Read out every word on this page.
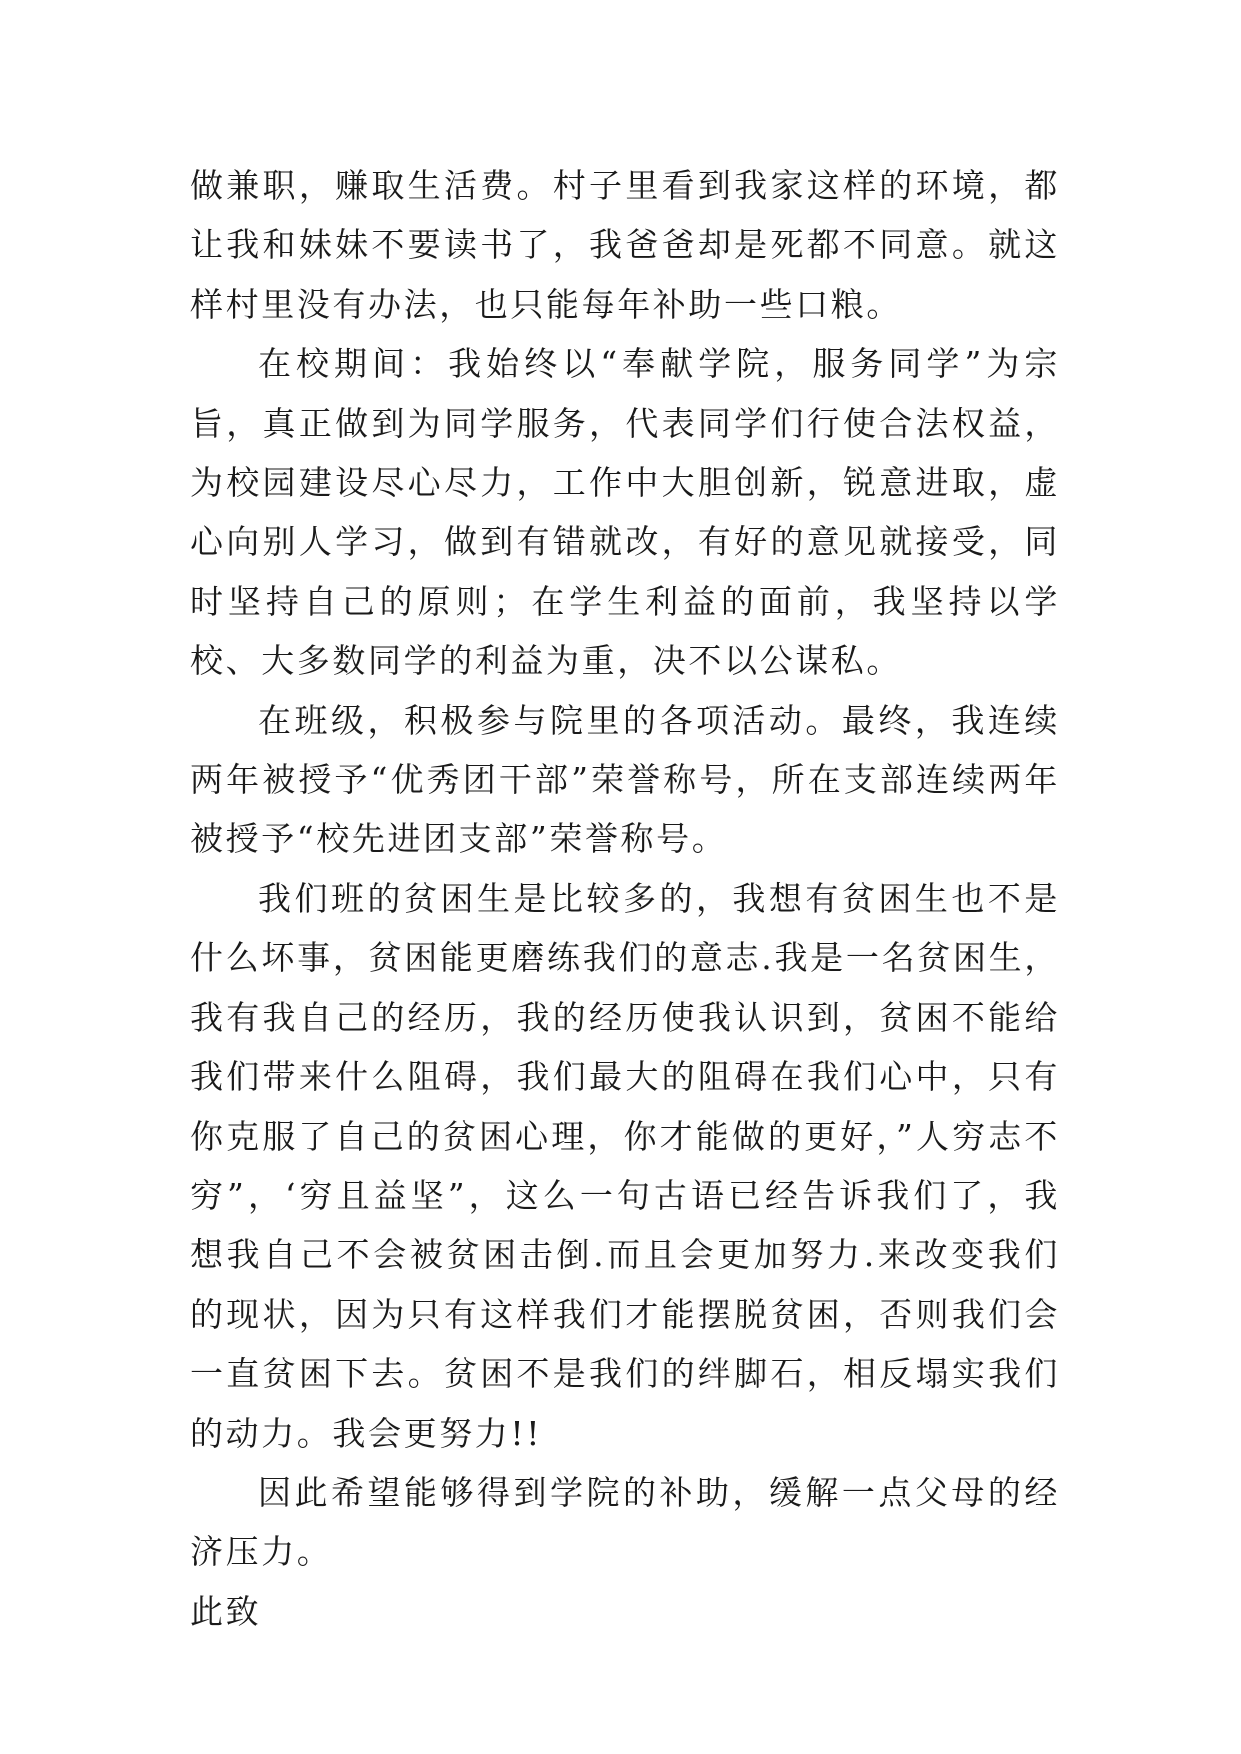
做兼职，赚取生活费。村子里看到我家这样的环境，都让我和妹妹不要读书了，我爸爸却是死都不同意。就这样村里没有办法，也只能每年补助一些口粮。

在校期间：我始终以“奉献学院，服务同学”为宗旨，真正做到为同学服务，代表同学们行使合法权益，为校园建设尽心尽力，工作中大胆创新，锐意进取，虚心向别人学习，做到有错就改，有好的意见就接受，同时坚持自己的原则；在学生利益的面前，我坚持以学校、大多数同学的利益为重，决不以公谋私。

在班级，积极参与院里的各项活动。最终，我连续两年被授予“优秀团干部”荣誉称号，所在支部连续两年被授予“校先进团支部”荣誉称号。

我们班的贫困生是比较多的，我想有贫困生也不是什么坏事，贫困能更磨练我们的意志.我是一名贫困生，我有我自己的经历，我的经历使我认识到，贫困不能给我们带来什么阻碍，我们最大的阻碍在我们心中，只有你克服了自己的贫困心理，你才能做的更好，”人穷志不穷”，‘穷且益坚”，这么一句古语已经告诉我们了，我想我自己不会被贫困击倒.而且会更加努力.来改变我们的现状，因为只有这样我们才能摆脱贫困，否则我们会一直贫困下去。贫困不是我们的绊脚石，相反塌实我们的动力。我会更努力!!

因此希望能够得到学院的补助，缓解一点父母的经济压力。

此致
